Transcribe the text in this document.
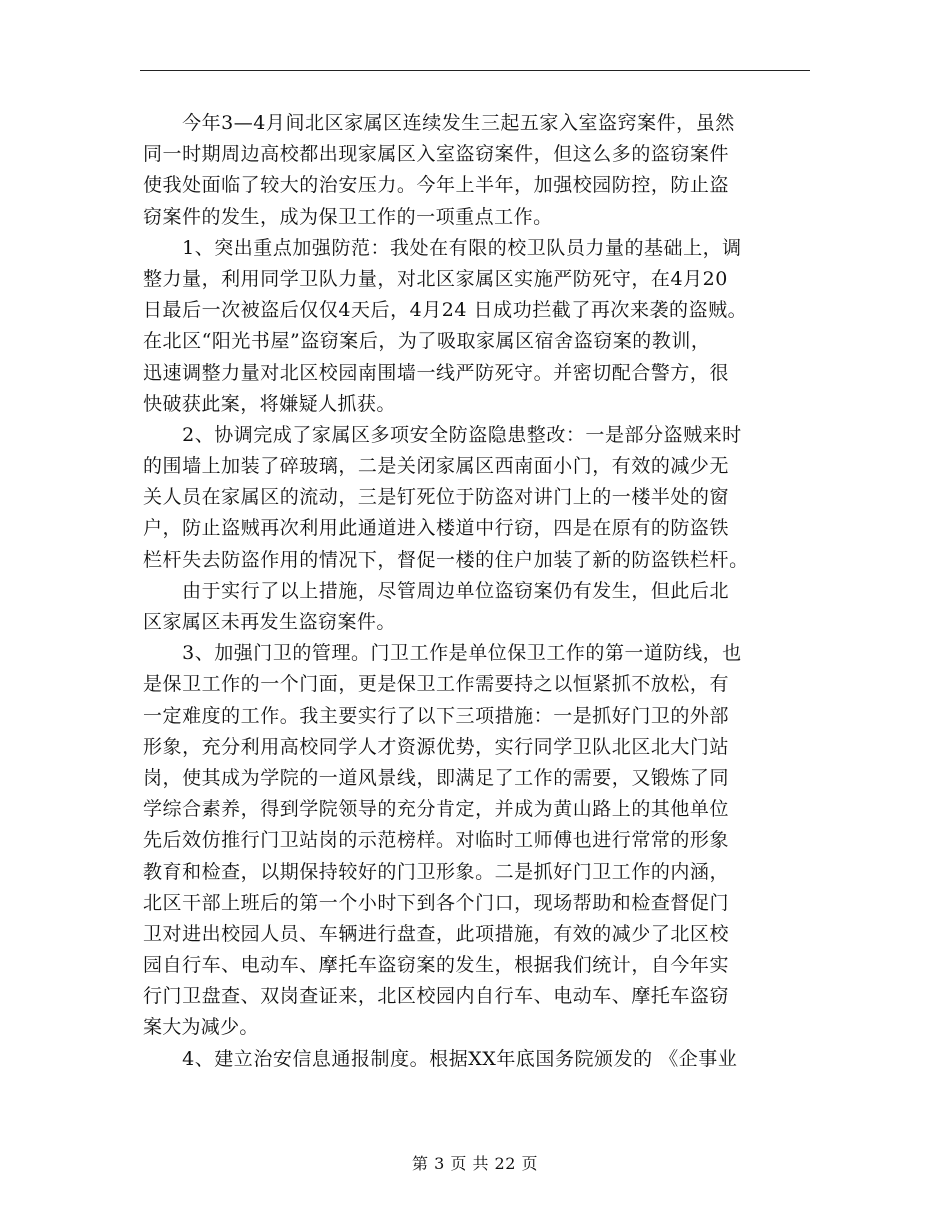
　　今年3—4月间北区家属区连续发生三起五家入室盗窍案件，虽然
同一时期周边高校都出现家属区入室盗窃案件，但这么多的盗窃案件
使我处面临了较大的治安压力。今年上半年，加强校园防控，防止盗
窃案件的发生，成为保卫工作的一项重点工作。
　　1、突出重点加强防范：我处在有限的校卫队员力量的基础上，调
整力量，利用同学卫队力量，对北区家属区实施严防死守，在4月20
日最后一次被盗后仅仅4天后，4月24 日成功拦截了再次来袭的盗贼。
在北区“阳光书屋”盗窃案后，为了吸取家属区宿舍盗窃案的教训，
迅速调整力量对北区校园南围墙一线严防死守。并密切配合警方，很
快破获此案，将嫌疑人抓获。
　　2、协调完成了家属区多项安全防盗隐患整改：一是部分盗贼来时
的围墙上加装了碎玻璃，二是关闭家属区西南面小门，有效的减少无
关人员在家属区的流动，三是钉死位于防盗对讲门上的一楼半处的窗
户，防止盗贼再次利用此通道进入楼道中行窃，四是在原有的防盗铁
栏杆失去防盗作用的情况下，督促一楼的住户加装了新的防盗铁栏杆。
　　由于实行了以上措施，尽管周边单位盗窃案仍有发生，但此后北
区家属区未再发生盗窃案件。
　　3、加强门卫的管理。门卫工作是单位保卫工作的第一道防线，也
是保卫工作的一个门面，更是保卫工作需要持之以恒紧抓不放松，有
一定难度的工作。我主要实行了以下三项措施：一是抓好门卫的外部
形象，充分利用高校同学人才资源优势，实行同学卫队北区北大门站
岗，使其成为学院的一道风景线，即满足了工作的需要，又锻炼了同
学综合素养，得到学院领导的充分肯定，并成为黄山路上的其他单位
先后效仿推行门卫站岗的示范榜样。对临时工师傅也进行常常的形象
教育和检查，以期保持较好的门卫形象。二是抓好门卫工作的内涵，
北区干部上班后的第一个小时下到各个门口，现场帮助和检查督促门
卫对进出校园人员、车辆进行盘查，此项措施，有效的减少了北区校
园自行车、电动车、摩托车盗窃案的发生，根据我们统计，自今年实
行门卫盘查、双岗查证来，北区校园内自行车、电动车、摩托车盗窃
案大为减少。
　　4、建立治安信息通报制度。根据XX年底国务院颁发的 《企事业
第 3 页 共 22 页
